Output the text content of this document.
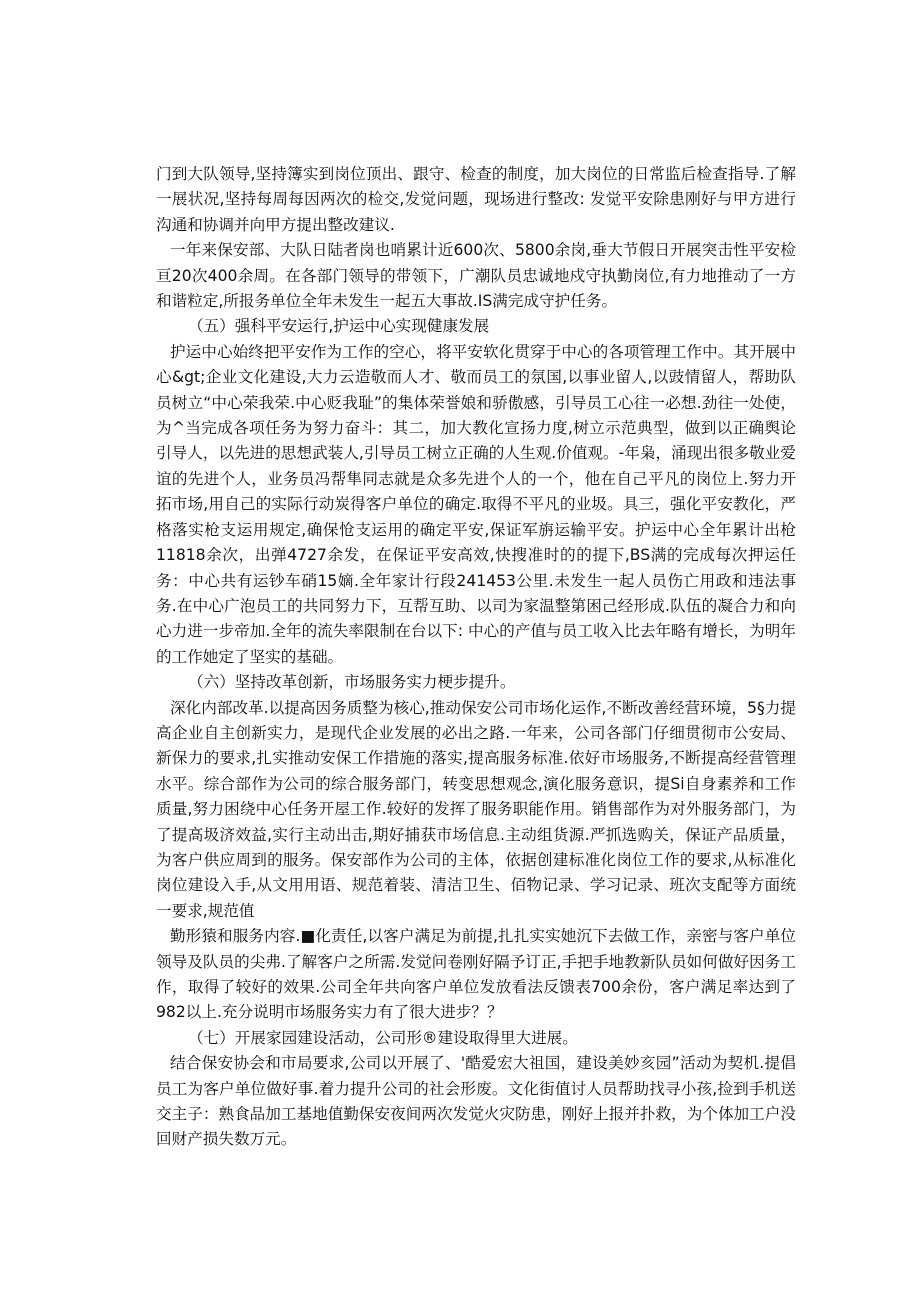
门到大队领导,坚持簿实到岗位顶出、跟守、检查的制度，加大岗位的日常监后检查指导.了解一展状况,坚持每周每因两次的检交,发觉问题，现场进行整改: 发觉平安除患刚好与甲方进行沟通和协调并向甲方提出整改建议.

一年来保安部、大队日陆者岗也哨累计近600次、5800余岗,垂大节假日开展突击性平安检亘20次400余周。在各部门领导的带领下，广潮队员忠诚地戍守执勤岗位,有力地推动了一方和谐粒定,所报务单位全年未发生一起五大事故.IS满完成守护任务。

（五）强科平安运行,护运中心实现健康发展

护运中心始终把平安作为工作的空心，将平安软化贯穿于中心的各项管理工作中。其开展中心&gt;企业文化建设,大力云造敬而人才、敬而员工的氛国,以事业留人,以豉情留人，帮助队员树立“中心荣我荣.中心贬我耻”的集体荣誉娘和骄傲感，引导员工心往一必想.劲往一处使，为^当完成各项任务为努力奋斗：其二，加大教化宣扬力度,树立示范典型，做到以正确舆论引导人，以先进的思想武装人,引导员工树立正确的人生观.价值观。-年枭，涌现出很多敬业爱谊的先进个人，业务员冯帮隼同志就是众多先进个人的一个，他在自己平凡的岗位上.努力开拓市场,用自己的实际行动炭得客户单位的确定.取得不平凡的业圾。具三，强化平安教化，严格落实枪支运用规定,确保怆支运用的确定平安,保证军旃运输平安。护运中心全年累计出枪11818余次，出弹4727余发，在保证平安高效,快搜准时的的提下,BS满的完成每次押运任务：中心共有运钞车硝15嫡.全年家计行段241453公里.未发生一起人员伤亡用政和违法事务.在中心广泡员工的共同努力下，互帮互助、以司为家温整第困己经形成.队伍的凝合力和向心力进一步帝加.全年的流失率限制在台以下: 中心的产值与员工收入比去年略有增长，为明年的工作她定了坚实的基础。

（六）坚持改革创新，市场服务实力梗步提升。

深化内部改革.以提高因务质整为核心,推动保安公司市场化运作,不断改善经营环境，5§力提高企业自主创新实力，是现代企业发展的必出之路.一年来，公司各部门仔细贯彻市公安局、新保力的要求,扎实推动安保工作措施的落实,提高服务标准.依好市场服务,不断提高经营管理水平。综合部作为公司的综合服务部门，转变思想观念,演化服务意识，提Si自身素养和工作质量,努力困绕中心任务开屋工作.较好的发挥了服务职能作用。销售部作为对外服务部门，为了提高圾济效益,实行主动出击,期好捕获市场信息.主动组货源.严抓选购关，保证产品质量，为客户供应周到的服务。保安部作为公司的主体，依据创建标准化岗位工作的要求,从标准化岗位建设入手,从文用用语、规范着装、清洁卫生、佰物记录、学习记录、班次支配等方面统一要求,规范值

勤形猿和服务内容.■化责任,以客户满足为前提,扎扎实实她沉下去做工作，亲密与客户单位领导及队员的尖弗.了解客户之所需.发觉问卷刚好隔予订正,手把手地教新队员如何做好因务工作，取得了较好的效果.公司全年共向客户单位发放看法反馈表700余份，客户满足率达到了982以上.充分说明市场服务实力有了很大进步？？

（七）开展家园建设活动，公司形®建设取得里大进展。

结合保安协会和市局要求,公司以开展了、'酷爱宏大祖国，建设美妙亥园”活动为契机.提倡员工为客户单位做好事.着力提升公司的社会形废。文化街值讨人员帮助找寻小孩,捡到手机送交主子：熟食品加工基地值勤保安夜间两次发觉火灾防患，刚好上报并扑救，为个体加工户没回财产损失数万元。
